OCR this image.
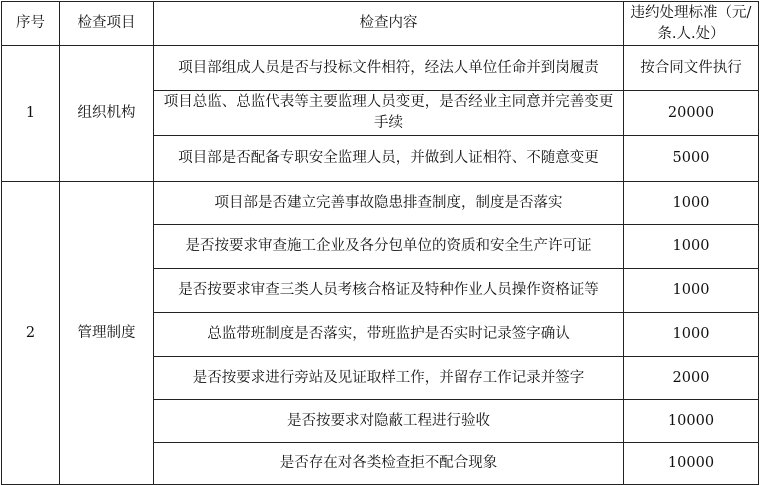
序号	检查项目	检查内容	违约处理标准（元/条.人.处）
1	组织机构	项目部组成人员是否与投标文件相符，经法人单位任命并到岗履责	按合同文件执行
		项目总监、总监代表等主要监理人员变更，是否经业主同意并完善变更手续	20000
		项目部是否配备专职安全监理人员，并做到人证相符、不随意变更	5000
2	管理制度	项目部是否建立完善事故隐患排查制度，制度是否落实	1000
		是否按要求审查施工企业及各分包单位的资质和安全生产许可证	1000
		是否按要求审查三类人员考核合格证及特种作业人员操作资格证等	1000
		总监带班制度是否落实，带班监护是否实时记录签字确认	1000
		是否按要求进行旁站及见证取样工作，并留存工作记录并签字	2000
		是否按要求对隐蔽工程进行验收	10000
		是否存在对各类检查拒不配合现象	10000
